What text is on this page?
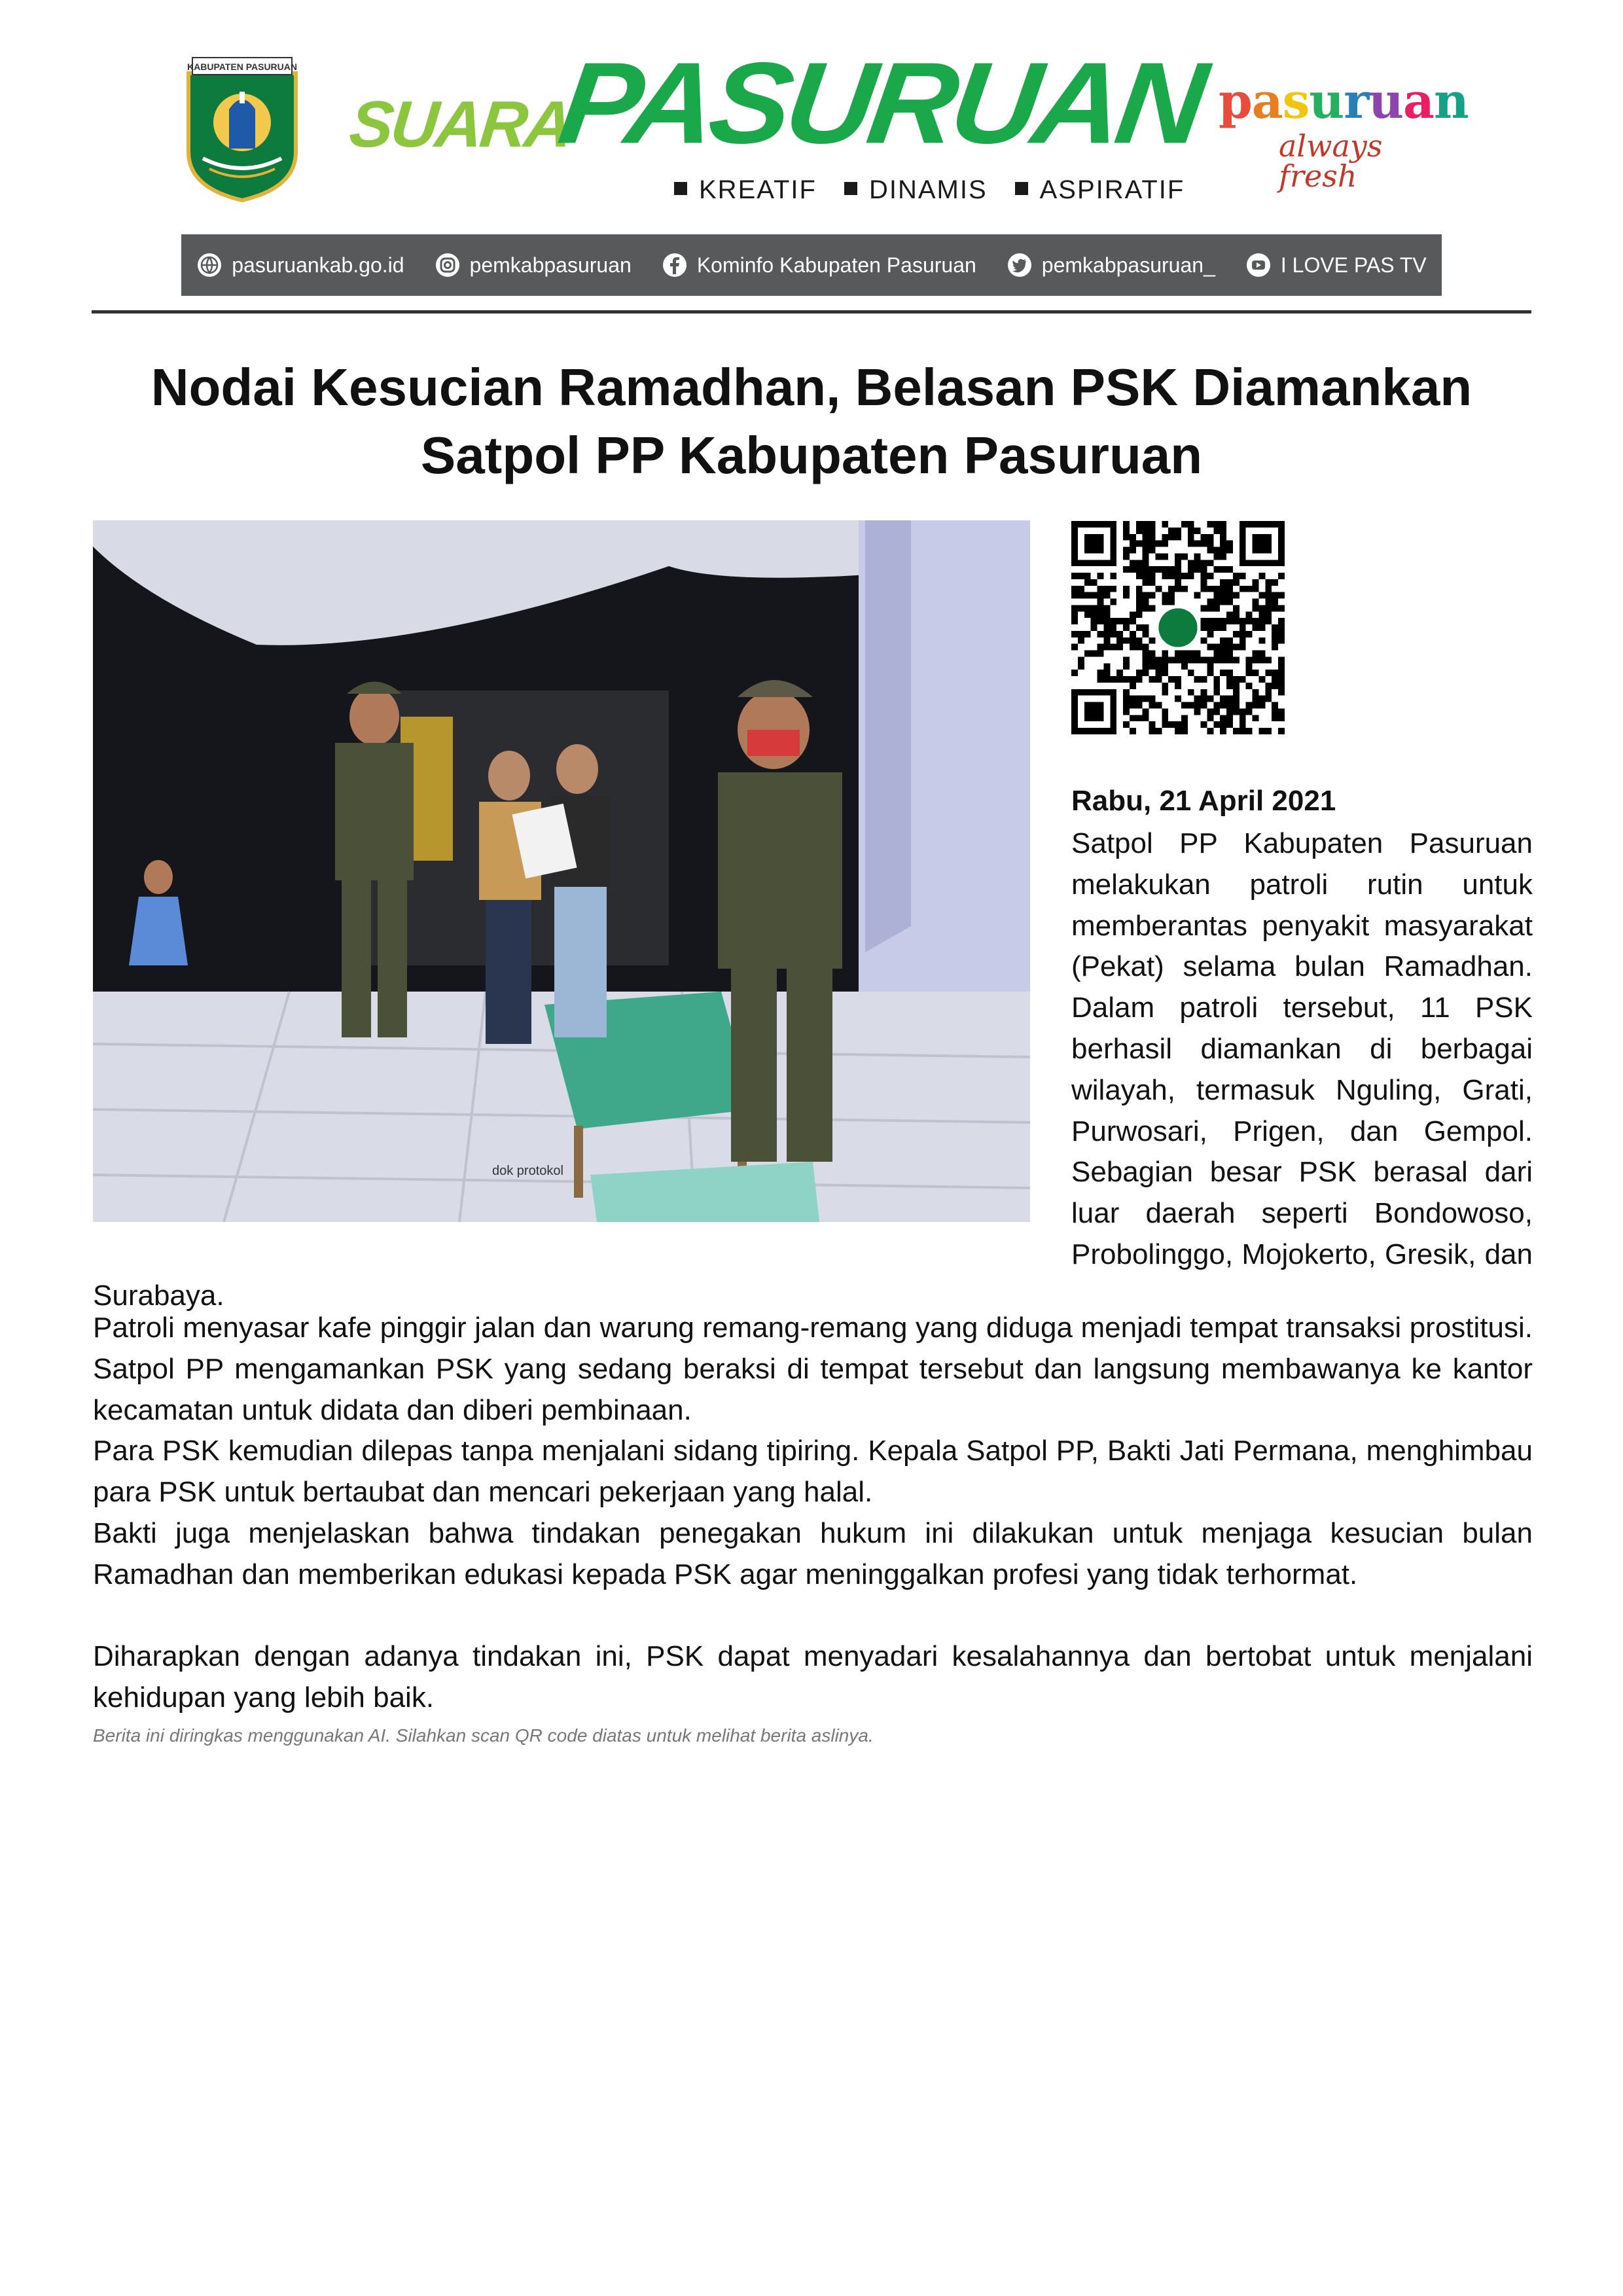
KABUPATEN PASURUAN
SUARA
PASURUAN
KREATIF	DINAMIS	ASPIRATIF
pasuruan
always fresh
pasuruankab.go.id	pemkabpasuruan	Kominfo Kabupaten Pasuruan	pemkabpasuruan_	I LOVE PAS TV
Nodai Kesucian Ramadhan, Belasan PSK Diamankan
Satpol PP Kabupaten Pasuruan
dok protokol
Rabu, 21 April 2021
Satpol PP Kabupaten Pasuruan melakukan patroli rutin untuk memberantas penyakit masyarakat (Pekat) selama bulan Ramadhan. Dalam patroli tersebut, 11 PSK berhasil diamankan di berbagai wilayah, termasuk Nguling, Grati, Purwosari, Prigen, dan Gempol. Sebagian besar PSK berasal dari luar daerah seperti Bondowoso, Probolinggo, Mojokerto, Gresik, dan Surabaya.

Patroli menyasar kafe pinggir jalan dan warung remang-remang yang diduga menjadi tempat transaksi prostitusi. Satpol PP mengamankan PSK yang sedang beraksi di tempat tersebut dan langsung membawanya ke kantor kecamatan untuk didata dan diberi pembinaan.

Para PSK kemudian dilepas tanpa menjalani sidang tipiring. Kepala Satpol PP, Bakti Jati Permana, menghimbau para PSK untuk bertaubat dan mencari pekerjaan yang halal.

Bakti juga menjelaskan bahwa tindakan penegakan hukum ini dilakukan untuk menjaga kesucian bulan Ramadhan dan memberikan edukasi kepada PSK agar meninggalkan profesi yang tidak terhormat.

Diharapkan dengan adanya tindakan ini, PSK dapat menyadari kesalahannya dan bertobat untuk menjalani kehidupan yang lebih baik.

Berita ini diringkas menggunakan AI. Silahkan scan QR code diatas untuk melihat berita aslinya.
